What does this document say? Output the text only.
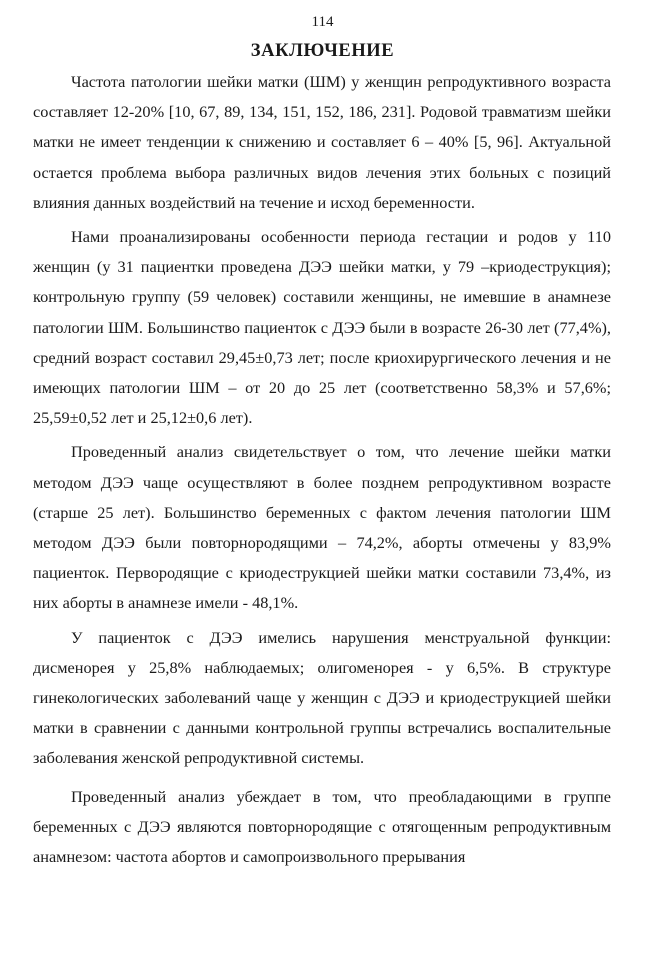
114
ЗАКЛЮЧЕНИЕ

Частота патологии шейки матки (ШМ) у женщин репродуктивного возраста составляет 12-20% [10, 67, 89, 134, 151, 152, 186, 231]. Родовой травматизм шейки матки не имеет тенденции к снижению и составляет 6 – 40% [5, 96]. Актуальной остается проблема выбора различных видов лечения этих больных с позиций влияния данных воздействий на течение и исход беременности.

Нами проанализированы особенности периода гестации и родов у 110 женщин (у 31 пациентки проведена ДЭЭ шейки матки, у 79 –криодеструкция); контрольную группу (59 человек) составили женщины, не имевшие в анамнезе патологии ШМ. Большинство пациенток с ДЭЭ были в возрасте 26-30 лет (77,4%), средний возраст составил 29,45±0,73 лет; после криохирургического лечения и не имеющих патологии ШМ – от 20 до 25 лет (соответственно 58,3% и 57,6%; 25,59±0,52 лет и 25,12±0,6 лет).

Проведенный анализ свидетельствует о том, что лечение шейки матки методом ДЭЭ чаще осуществляют в более позднем репродуктивном возрасте (старше 25 лет). Большинство беременных с фактом лечения патологии ШМ методом ДЭЭ были повторнородящими – 74,2%, аборты отмечены у 83,9% пациенток. Первородящие с криодеструкцией шейки матки составили 73,4%, из них аборты в анамнезе имели - 48,1%.

У пациенток с ДЭЭ имелись нарушения менструальной функции: дисменорея у 25,8% наблюдаемых; олигоменорея - у 6,5%. В структуре гинекологических заболеваний чаще у женщин с ДЭЭ и криодеструкцией шейки матки в сравнении с данными контрольной группы встречались воспалительные заболевания женской репродуктивной системы.

Проведенный анализ убеждает в том, что преобладающими в группе беременных с ДЭЭ являются повторнородящие с отягощенным репродуктивным анамнезом: частота абортов и самопроизвольного прерывания
